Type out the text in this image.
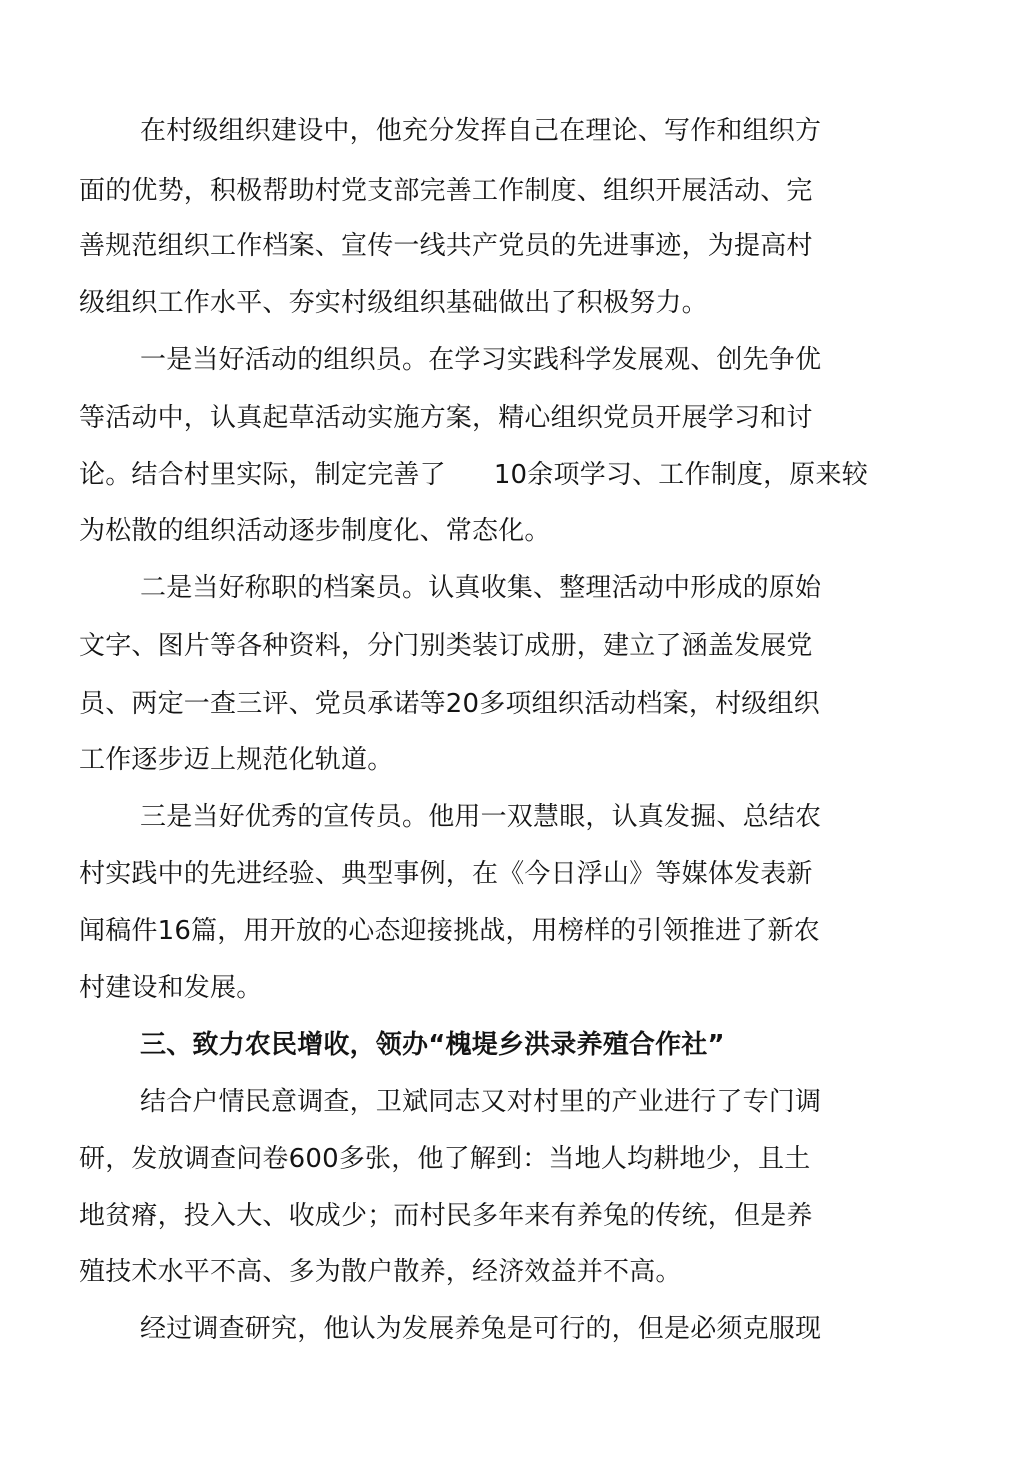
在村级组织建设中，他充分发挥自己在理论、写作和组织方
面的优势，积极帮助村党支部完善工作制度、组织开展活动、完
善规范组织工作档案、宣传一线共产党员的先进事迹，为提高村
级组织工作水平、夯实村级组织基础做出了积极努力。
一是当好活动的组织员。在学习实践科学发展观、创先争优
等活动中，认真起草活动实施方案，精心组织党员开展学习和讨
论。结合村里实际，制定完善了 10余项学习、工作制度，原来较
为松散的组织活动逐步制度化、常态化。
二是当好称职的档案员。认真收集、整理活动中形成的原始
文字、图片等各种资料，分门别类装订成册，建立了涵盖发展党
员、两定一查三评、党员承诺等20多项组织活动档案，村级组织
工作逐步迈上规范化轨道。
三是当好优秀的宣传员。他用一双慧眼，认真发掘、总结农
村实践中的先进经验、典型事例，在《今日浮山》等媒体发表新
闻稿件16篇，用开放的心态迎接挑战，用榜样的引领推进了新农
村建设和发展。
三、致力农民增收，领办“槐堤乡洪录养殖合作社”
结合户情民意调查，卫斌同志又对村里的产业进行了专门调
研，发放调查问卷600多张，他了解到：当地人均耕地少，且土
地贫瘠，投入大、收成少；而村民多年来有养兔的传统，但是养
殖技术水平不高、多为散户散养，经济效益并不高。
经过调查研究，他认为发展养兔是可行的，但是必须克服现
